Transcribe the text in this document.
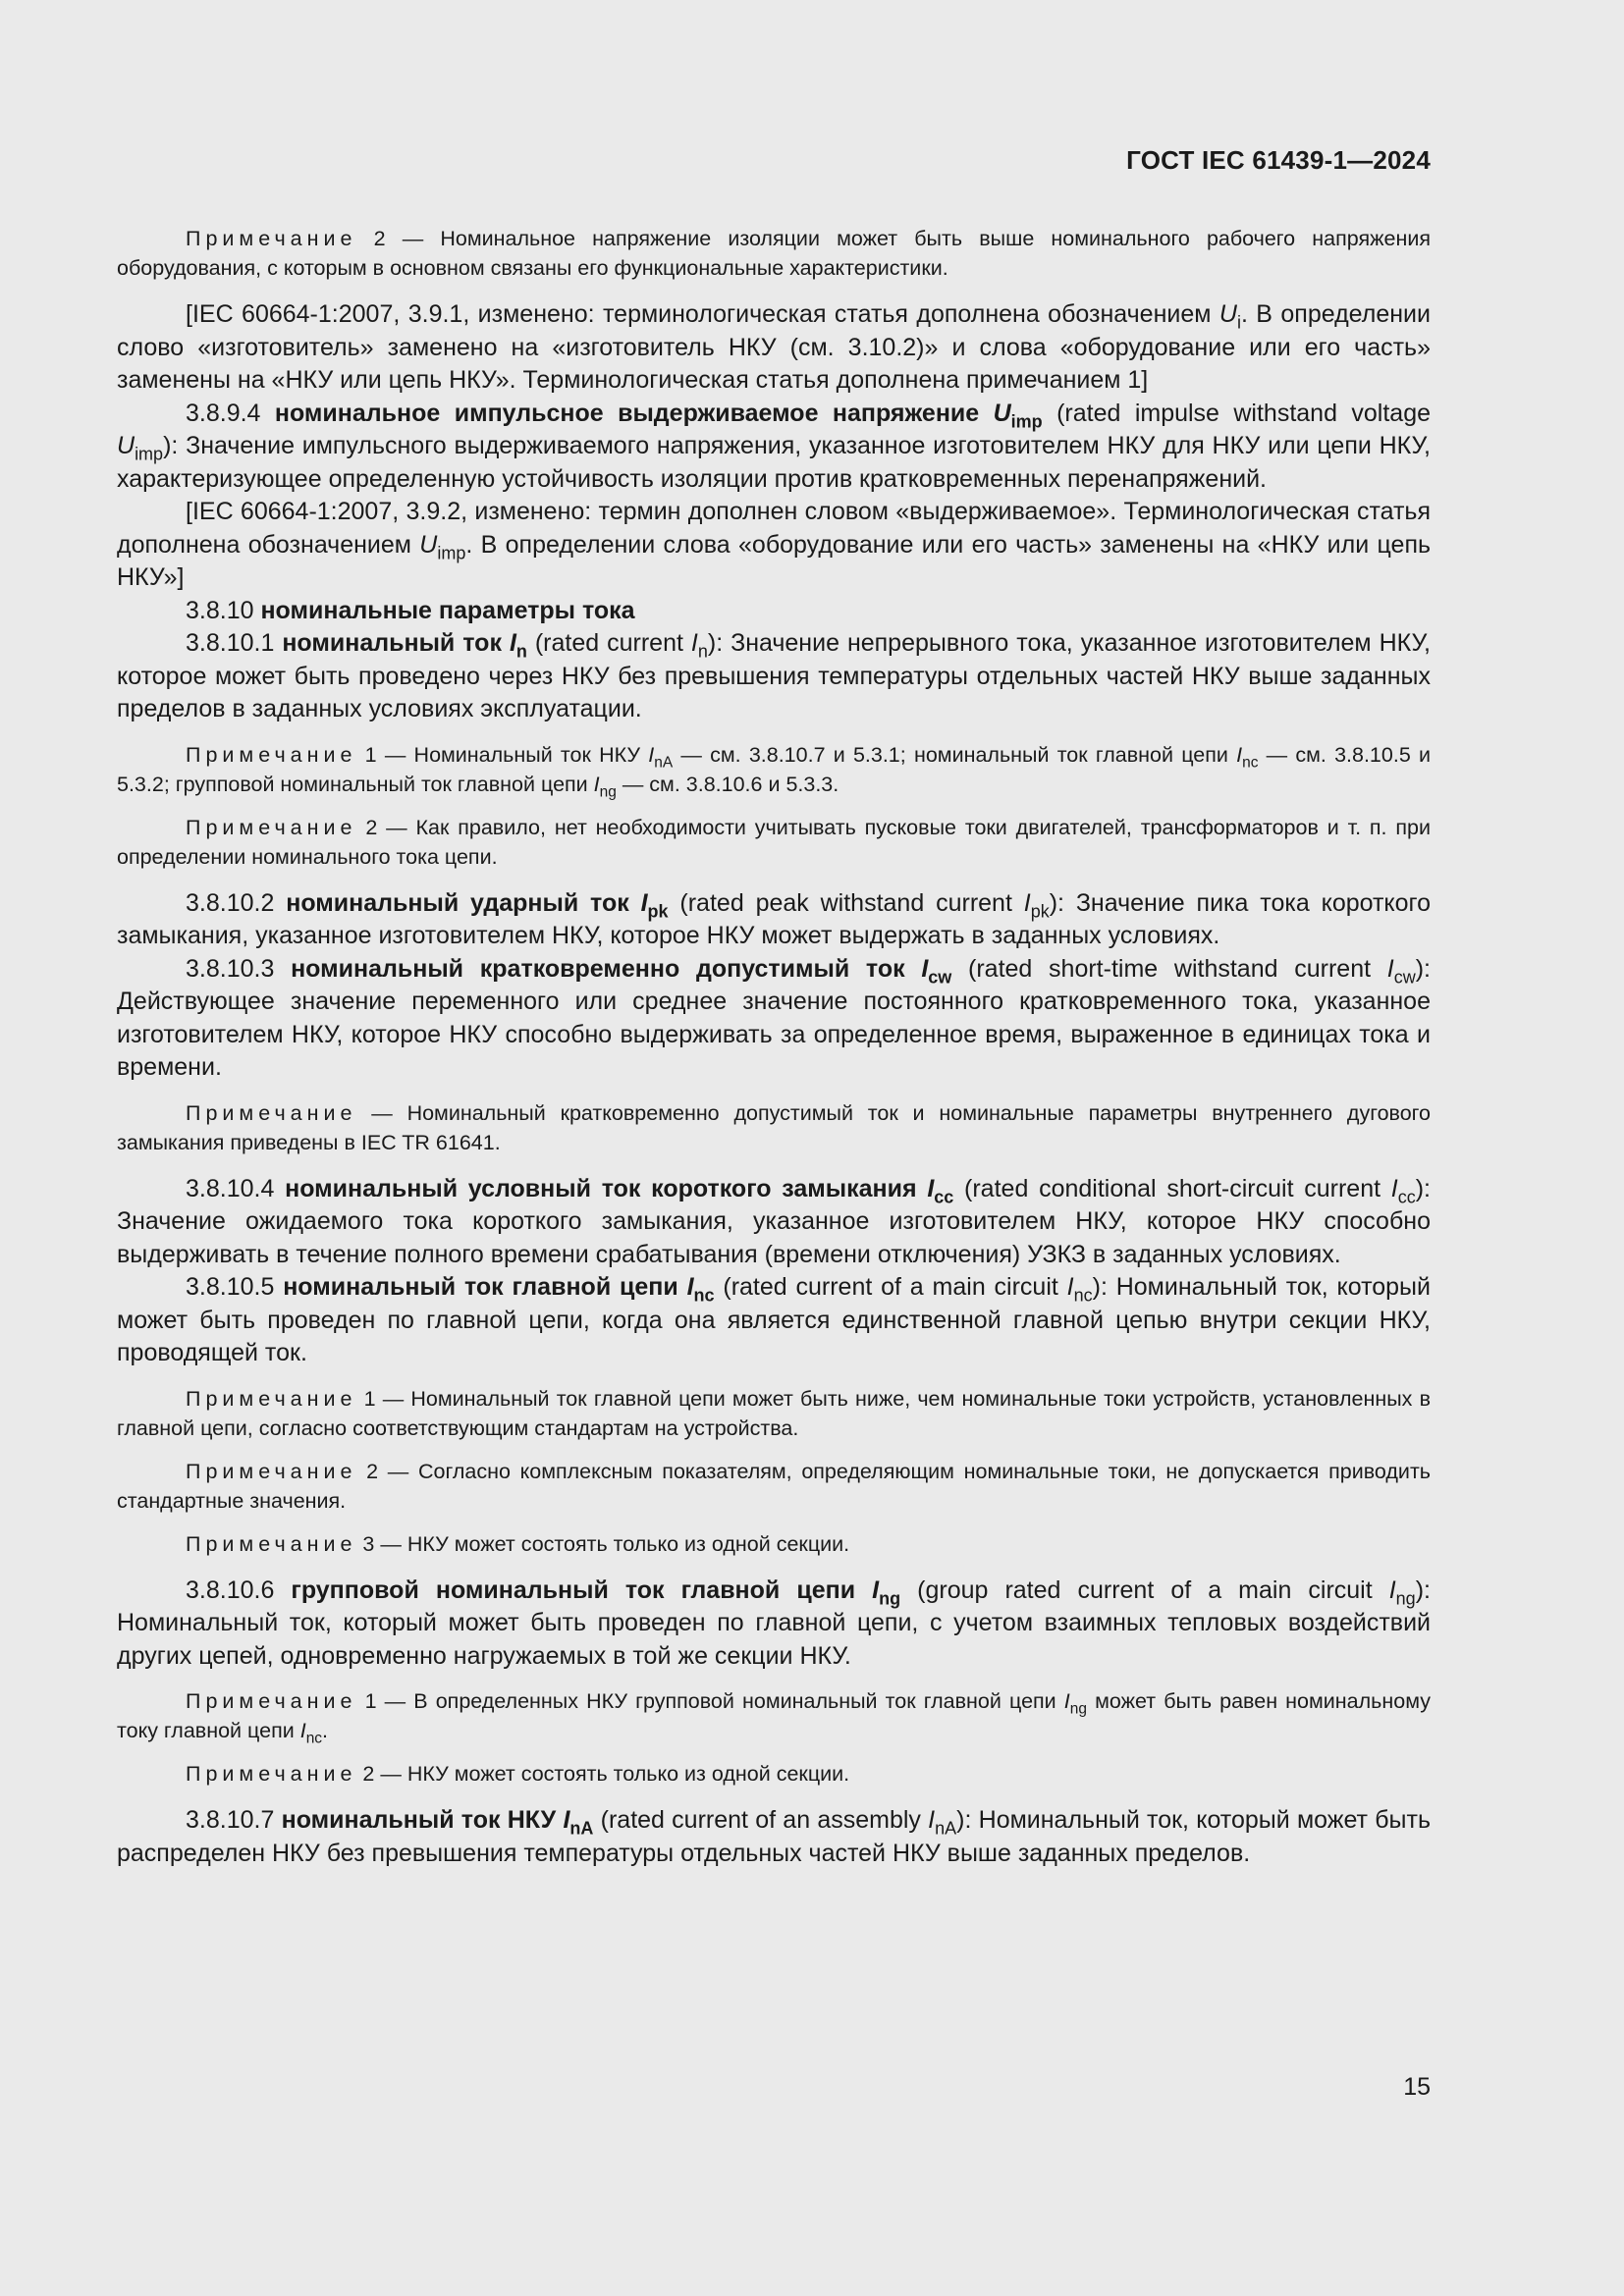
ГОСТ IEC 61439-1—2024

Примечание 2 — Номинальное напряжение изоляции может быть выше номинального рабочего напряжения оборудования, с которым в основном связаны его функциональные характеристики.

[IEC 60664-1:2007, 3.9.1, изменено: терминологическая статья дополнена обозначением $U_i$. В определении слово «изготовитель» заменено на «изготовитель НКУ (см. 3.10.2)» и слова «оборудование или его часть» заменены на «НКУ или цепь НКУ». Терминологическая статья дополнена примечанием 1]

3.8.9.4 номинальное импульсное выдерживаемое напряжение $U_{imp}$ (rated impulse withstand voltage $U_{imp}$): Значение импульсного выдерживаемого напряжения, указанное изготовителем НКУ для НКУ или цепи НКУ, характеризующее определенную устойчивость изоляции против кратковременных перенапряжений.

[IEC 60664-1:2007, 3.9.2, изменено: термин дополнен словом «выдерживаемое». Терминологическая статья дополнена обозначением $U_{imp}$. В определении слова «оборудование или его часть» заменены на «НКУ или цепь НКУ»]

3.8.10 номинальные параметры тока

3.8.10.1 номинальный ток $I_n$ (rated current $I_n$): Значение непрерывного тока, указанное изготовителем НКУ, которое может быть проведено через НКУ без превышения температуры отдельных частей НКУ выше заданных пределов в заданных условиях эксплуатации.

Примечание 1 — Номинальный ток НКУ $I_{nA}$ — см. 3.8.10.7 и 5.3.1; номинальный ток главной цепи $I_{nc}$ — см. 3.8.10.5 и 5.3.2; групповой номинальный ток главной цепи $I_{ng}$ — см. 3.8.10.6 и 5.3.3.

Примечание 2 — Как правило, нет необходимости учитывать пусковые токи двигателей, трансформаторов и т. п. при определении номинального тока цепи.

3.8.10.2 номинальный ударный ток $I_{pk}$ (rated peak withstand current $I_{pk}$): Значение пика тока короткого замыкания, указанное изготовителем НКУ, которое НКУ может выдержать в заданных условиях.

3.8.10.3 номинальный кратковременно допустимый ток $I_{cw}$ (rated short-time withstand current $I_{cw}$): Действующее значение переменного или среднее значение постоянного кратковременного тока, указанное изготовителем НКУ, которое НКУ способно выдерживать за определенное время, выраженное в единицах тока и времени.

Примечание — Номинальный кратковременно допустимый ток и номинальные параметры внутреннего дугового замыкания приведены в IEC TR 61641.

3.8.10.4 номинальный условный ток короткого замыкания $I_{cc}$ (rated conditional short-circuit current $I_{cc}$): Значение ожидаемого тока короткого замыкания, указанное изготовителем НКУ, которое НКУ способно выдерживать в течение полного времени срабатывания (времени отключения) УЗКЗ в заданных условиях.

3.8.10.5 номинальный ток главной цепи $I_{nc}$ (rated current of a main circuit $I_{nc}$): Номинальный ток, который может быть проведен по главной цепи, когда она является единственной главной цепью внутри секции НКУ, проводящей ток.

Примечание 1 — Номинальный ток главной цепи может быть ниже, чем номинальные токи устройств, установленных в главной цепи, согласно соответствующим стандартам на устройства.

Примечание 2 — Согласно комплексным показателям, определяющим номинальные токи, не допускается приводить стандартные значения.

Примечание 3 — НКУ может состоять только из одной секции.

3.8.10.6 групповой номинальный ток главной цепи $I_{ng}$ (group rated current of a main circuit $I_{ng}$): Номинальный ток, который может быть проведен по главной цепи, с учетом взаимных тепловых воздействий других цепей, одновременно нагружаемых в той же секции НКУ.

Примечание 1 — В определенных НКУ групповой номинальный ток главной цепи $I_{ng}$ может быть равен номинальному току главной цепи $I_{nc}$.

Примечание 2 — НКУ может состоять только из одной секции.

3.8.10.7 номинальный ток НКУ $I_{nA}$ (rated current of an assembly $I_{nA}$): Номинальный ток, который может быть распределен НКУ без превышения температуры отдельных частей НКУ выше заданных пределов.

15
